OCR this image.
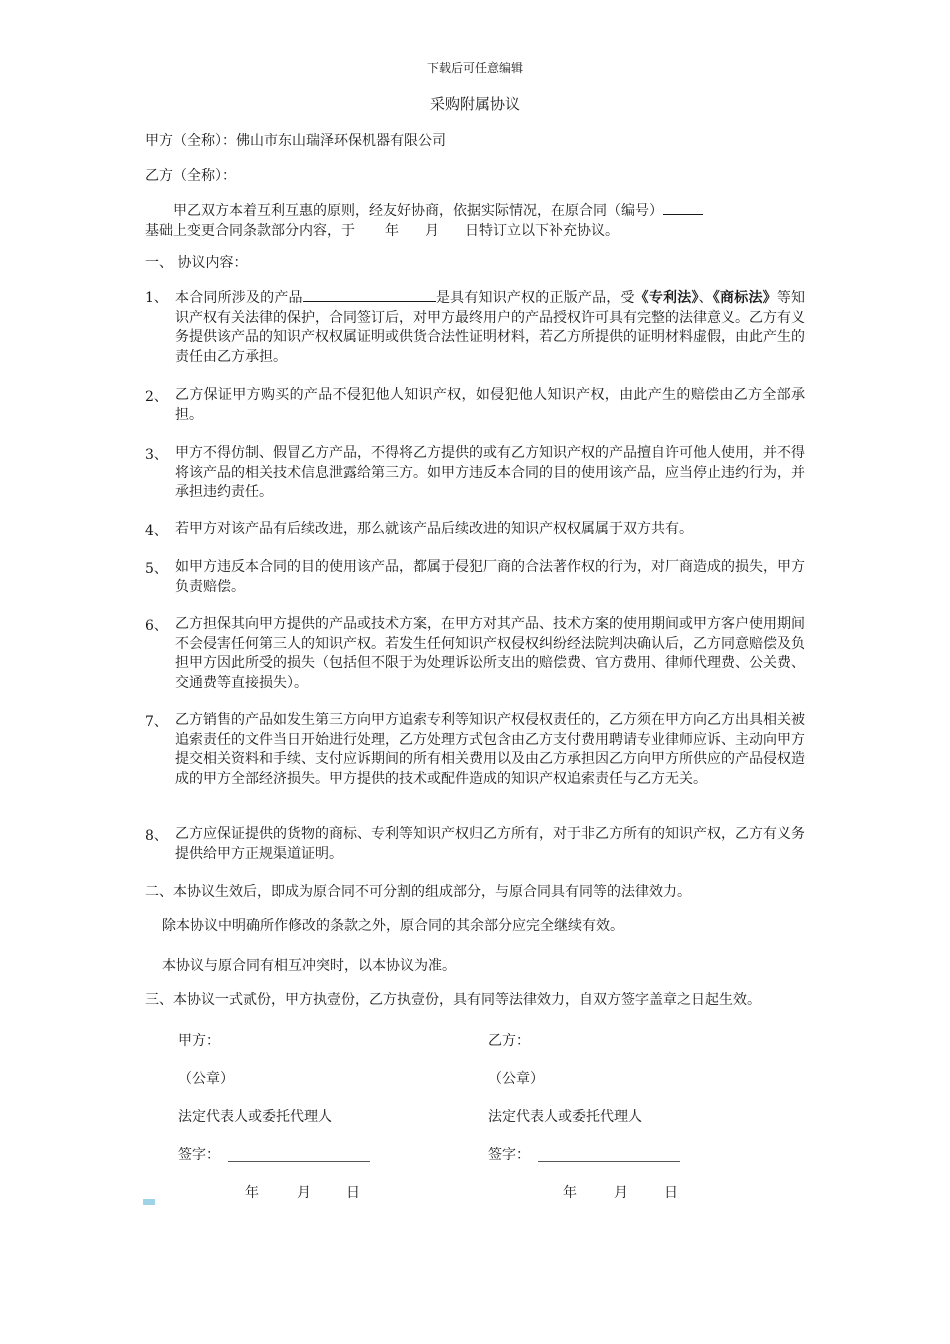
下载后可任意编辑
采购附属协议
甲方（全称）：佛山市东山瑞泽环保机器有限公司
乙方（全称）：
甲乙双方本着互利互惠的原则，经友好协商，依据实际情况，在原合同（编号）
基础上变更合同条款部分内容，于 年 月 日特订立以下补充协议。
一、 协议内容：
1、 本合同所涉及的产品	是具有知识产权的正版产品，受《专利法》、《商标法》等知识产权有关法律的保护，合同签订后，对甲方最终用户的产品授权许可具有完整的法律意义。乙方有义务提供该产品的知识产权权属证明或供货合法性证明材料，若乙方所提供的证明材料虚假，由此产生的责任由乙方承担。
2、 乙方保证甲方购买的产品不侵犯他人知识产权，如侵犯他人知识产权，由此产生的赔偿由乙方全部承担。
3、 甲方不得仿制、假冒乙方产品，不得将乙方提供的或有乙方知识产权的产品擅自许可他人使用，并不得将该产品的相关技术信息泄露给第三方。如甲方违反本合同的目的使用该产品，应当停止违约行为，并承担违约责任。
4、 若甲方对该产品有后续改进，那么就该产品后续改进的知识产权权属属于双方共有。
5、 如甲方违反本合同的目的使用该产品，都属于侵犯厂商的合法著作权的行为，对厂商造成的损失，甲方负责赔偿。
6、 乙方担保其向甲方提供的产品或技术方案，在甲方对其产品、技术方案的使用期间或甲方客户使用期间不会侵害任何第三人的知识产权。若发生任何知识产权侵权纠纷经法院判决确认后，乙方同意赔偿及负担甲方因此所受的损失（包括但不限于为处理诉讼所支出的赔偿费、官方费用、律师代理费、公关费、交通费等直接损失）。
7、 乙方销售的产品如发生第三方向甲方追索专利等知识产权侵权责任的，乙方须在甲方向乙方出具相关被追索责任的文件当日开始进行处理，乙方处理方式包含由乙方支付费用聘请专业律师应诉、主动向甲方提交相关资料和手续、支付应诉期间的所有相关费用以及由乙方承担因乙方向甲方所供应的产品侵权造成的甲方全部经济损失。甲方提供的技术或配件造成的知识产权追索责任与乙方无关。
8、 乙方应保证提供的货物的商标、专利等知识产权归乙方所有，对于非乙方所有的知识产权，乙方有义务提供给甲方正规渠道证明。
二、本协议生效后，即成为原合同不可分割的组成部分，与原合同具有同等的法律效力。
除本协议中明确所作修改的条款之外，原合同的其余部分应完全继续有效。
本协议与原合同有相互冲突时，以本协议为准。
三、本协议一式贰份，甲方执壹份，乙方执壹份，具有同等法律效力，自双方签字盖章之日起生效。
甲方：
（公章）
法定代表人或委托代理人
签字：
年	月	日
乙方：
（公章）
法定代表人或委托代理人
签字：
年	月	日
